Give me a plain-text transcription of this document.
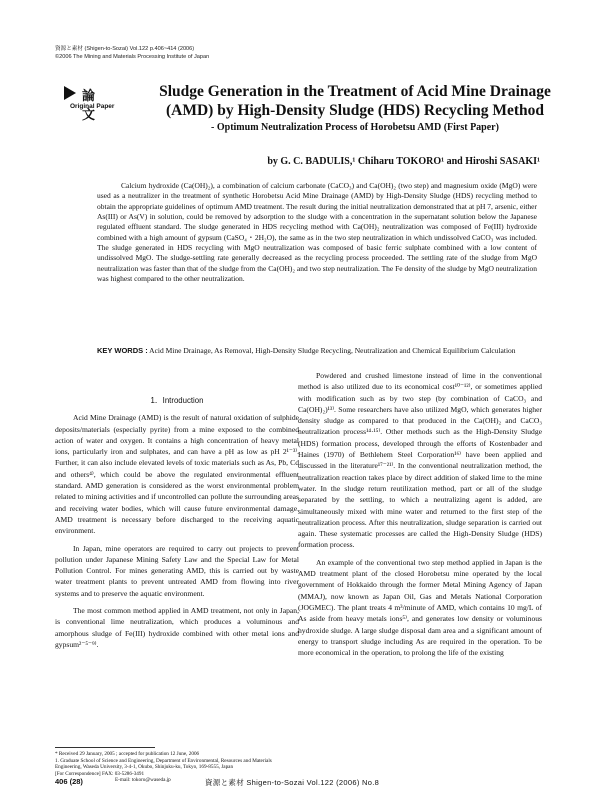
資源と素材 (Shigen-to-Sozai) Vol.122 p.406~414 (2006)
©2006 The Mining and Materials Processing Institute of Japan
論 文
Original Paper
Sludge Generation in the Treatment of Acid Mine Drainage
(AMD) by High-Density Sludge (HDS) Recycling Method
- Optimum Neutralization Process of Horobetsu AMD (First Paper)
by G. C. BADULIS,¹ Chiharu TOKORO¹ and Hiroshi SASAKI¹
Calcium hydroxide (Ca(OH)₂), a combination of calcium carbonate (CaCO₃) and Ca(OH)₂ (two step) and magnesium oxide (MgO) were used as a neutralizer in the treatment of synthetic Horobetsu Acid Mine Drainage (AMD) by High-Density Sludge (HDS) recycling method to obtain the appropriate guidelines of optimum AMD treatment. The result during the initial neutralization demonstrated that at pH 7, arsenic, either As(III) or As(V) in solution, could be removed by adsorption to the sludge with a concentration in the supernatant solution below the Japanese regulated effluent standard. The sludge generated in HDS recycling method with Ca(OH)₂ neutralization was composed of Fe(III) hydroxide combined with a high amount of gypsum (CaSO₄・2H₂O), the same as in the two step neutralization in which undissolved CaCO₃ was included. The sludge generated in HDS recycling with MgO neutralization was composed of basic ferric sulphate combined with a low content of undissolved MgO. The sludge-settling rate generally decreased as the recycling process proceeded. The settling rate of the sludge from MgO neutralization was faster than that of the sludge from the Ca(OH)₂ and two step neutralization. The Fe density of the sludge by MgO neutralization was highest compared to the other neutralization.
KEY WORDS : Acid Mine Drainage, As Removal, High-Density Sludge Recycling, Neutralization and Chemical Equilibrium Calculation

1．Introduction

Acid Mine Drainage (AMD) is the result of natural oxidation of sulphide deposits/materials (especially pyrite) from a mine exposed to the combined action of water and oxygen. It contains a high concentration of heavy metal ions, particularly iron and sulphates, and can have a pH as low as pH 2¹⁻³⁾. Further, it can also include elevated levels of toxic materials such as As, Pb, Cd and others⁴⁾, which could be above the regulated environmental effluent standard. AMD generation is considered as the worst environmental problem related to mining activities and if uncontrolled can pollute the surrounding areas and receiving water bodies, which will cause future environmental damage. AMD treatment is necessary before discharged to the receiving aquatic environment.

In Japan, mine operators are required to carry out projects to prevent pollution under Japanese Mining Safety Law and the Special Law for Metal Pollution Control. For mines generating AMD, this is carried out by waste water treatment plants to prevent untreated AMD from flowing into river systems and to preserve the aquatic environment.

The most common method applied in AMD treatment, not only in Japan, is conventional lime neutralization, which produces a voluminous and amorphous sludge of Fe(III) hydroxide combined with other metal ions and gypsum²⁻⁵⁻⁹⁾.

Powdered and crushed limestone instead of lime in the conventional method is also utilized due to its economical cost¹⁰⁻¹²⁾, or sometimes applied with modification such as by two step (by combination of CaCO₃ and Ca(OH)₂)¹³⁾. Some researchers have also utilized MgO, which generates higher density sludge as compared to that produced in the Ca(OH)₂ and CaCO₃ neutralization process¹⁴·¹⁵⁾. Other methods such as the High-Density Sludge (HDS) formation process, developed through the efforts of Kostenbader and Haines (1970) of Bethlehem Steel Corporation¹⁶⁾ have been applied and discussed in the literature¹⁷⁻²¹⁾. In the conventional neutralization method, the neutralization reaction takes place by direct addition of slaked lime to the mine water. In the sludge return reutilization method, part or all of the sludge separated by the settling, to which a neutralizing agent is added, are simultaneously mixed with mine water and returned to the first step of the neutralization process. After this neutralization, sludge separation is carried out again. These systematic processes are called the High-Density Sludge (HDS) formation process.

An example of the conventional two step method applied in Japan is the AMD treatment plant of the closed Horobetsu mine operated by the local government of Hokkaido through the former Metal Mining Agency of Japan (MMAJ), now known as Japan Oil, Gas and Metals National Corporation (JOGMEC). The plant treats 4 m³/minute of AMD, which contains 10 mg/L of As aside from heavy metals ions⁵⁾, and generates low density or voluminous hydroxide sludge. A large sludge disposal dam area and a significant amount of energy to transport sludge including As are required in the operation. To be more economical in the operation, to prolong the life of the existing

* Received 29 January, 2005 ; accepted for publication 12 June, 2006
1. Graduate School of Science and Engineering, Department of Environmental, Resources and Materials Engineering, Waseda University, 3-4-1, Okubo, Shinjuku-ku, Tokyo, 169-8555, Japan
[For Correspondence] FAX: 03-5286-3491
E-mail: tokoro@waseda.jp
406 (28)	資源と素材 Shigen-to-Sozai Vol.122 (2006) No.8
